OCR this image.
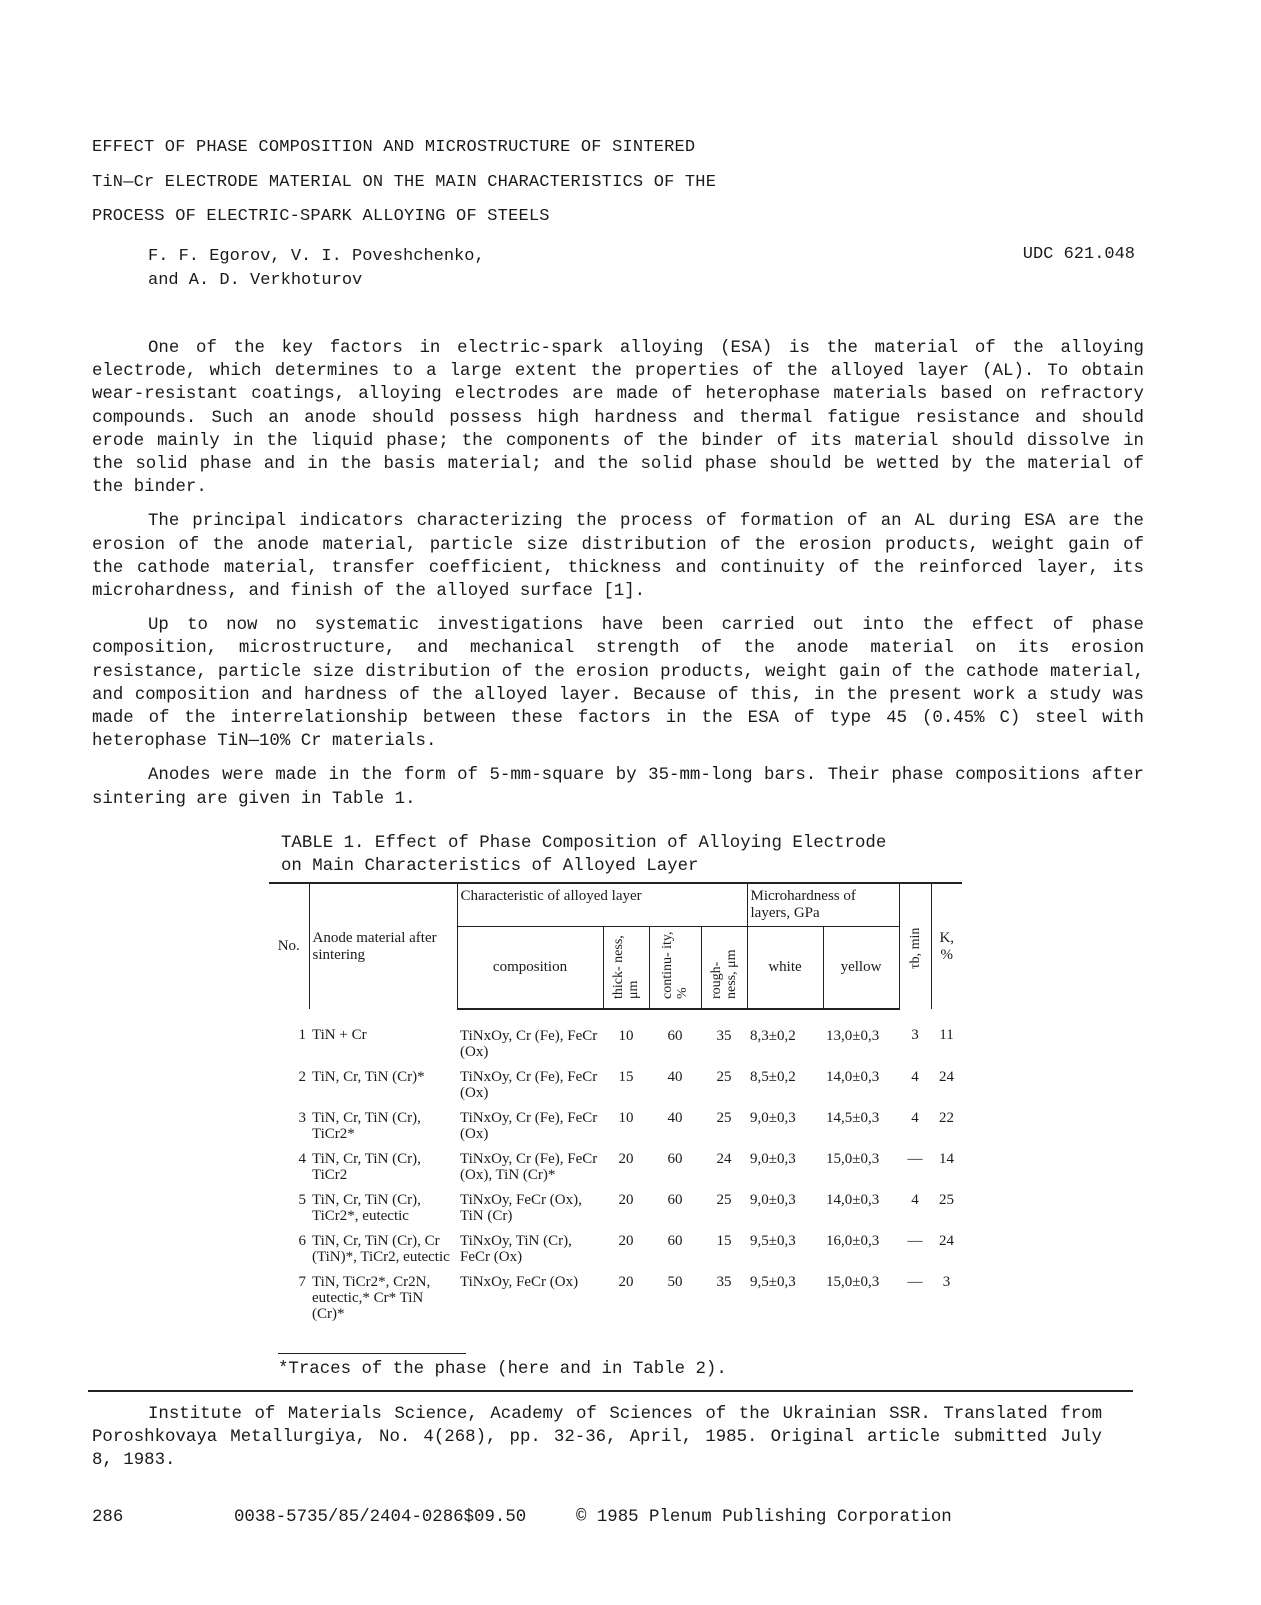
EFFECT OF PHASE COMPOSITION AND MICROSTRUCTURE OF SINTERED
TiN—Cr ELECTRODE MATERIAL ON THE MAIN CHARACTERISTICS OF THE
PROCESS OF ELECTRIC-SPARK ALLOYING OF STEELS
F. F. Egorov, V. I. Poveshchenko,
and A. D. Verkhoturov
UDC 621.048

One of the key factors in electric-spark alloying (ESA) is the material of the alloying electrode, which determines to a large extent the properties of the alloyed layer (AL). To obtain wear-resistant coatings, alloying electrodes are made of heterophase materials based on refractory compounds. Such an anode should possess high hardness and thermal fatigue resistance and should erode mainly in the liquid phase; the components of the binder of its material should dissolve in the solid phase and in the basis material; and the solid phase should be wetted by the material of the binder.

The principal indicators characterizing the process of formation of an AL during ESA are the erosion of the anode material, particle size distribution of the erosion products, weight gain of the cathode material, transfer coefficient, thickness and continuity of the reinforced layer, its microhardness, and finish of the alloyed surface [1].

Up to now no systematic investigations have been carried out into the effect of phase composition, microstructure, and mechanical strength of the anode material on its erosion resistance, particle size distribution of the erosion products, weight gain of the cathode material, and composition and hardness of the alloyed layer. Because of this, in the present work a study was made of the interrelationship between these factors in the ESA of type 45 (0.45% C) steel with heterophase TiN—10% Cr materials.

Anodes were made in the form of 5-mm-square by 35-mm-long bars. Their phase compositions after sintering are given in Table 1.

TABLE 1. Effect of Phase Composition of Alloying Electrode
on Main Characteristics of Alloyed Layer
No.	Anode material after sintering	Characteristic of alloyed layer				Microhardness of layers, GPa		τb, min	K, %
		composition	thick- ness, μm	continu- ity, %	rough- ness, μm	white	yellow		
1	TiN + Cr	TiNxOy, Cr (Fe), FeCr (Ox)	10	60	35	8,3±0,2	13,0±0,3	3	11
2	TiN, Cr, TiN (Cr)*	TiNxOy, Cr (Fe), FeCr (Ox)	15	40	25	8,5±0,2	14,0±0,3	4	24
3	TiN, Cr, TiN (Cr), TiCr2*	TiNxOy, Cr (Fe), FeCr (Ox)	10	40	25	9,0±0,3	14,5±0,3	4	22
4	TiN, Cr, TiN (Cr), TiCr2	TiNxOy, Cr (Fe), FeCr (Ox), TiN (Cr)*	20	60	24	9,0±0,3	15,0±0,3	—	14
5	TiN, Cr, TiN (Cr), TiCr2*, eutectic	TiNxOy, FeCr (Ox), TiN (Cr)	20	60	25	9,0±0,3	14,0±0,3	4	25
6	TiN, Cr, TiN (Cr), Cr (TiN)*, TiCr2, eutectic	TiNxOy, TiN (Cr), FeCr (Ox)	20	60	15	9,5±0,3	16,0±0,3	—	24
7	TiN, TiCr2*, Cr2N, eutectic,* Cr* TiN (Cr)*	TiNxOy, FeCr (Ox)	20	50	35	9,5±0,3	15,0±0,3	—	3
*Traces of the phase (here and in Table 2).

Institute of Materials Science, Academy of Sciences of the Ukrainian SSR. Translated from Poroshkovaya Metallurgiya, No. 4(268), pp. 32-36, April, 1985. Original article submitted July 8, 1983.

286	0038-5735/85/2404-0286$09.50	© 1985 Plenum Publishing Corporation
